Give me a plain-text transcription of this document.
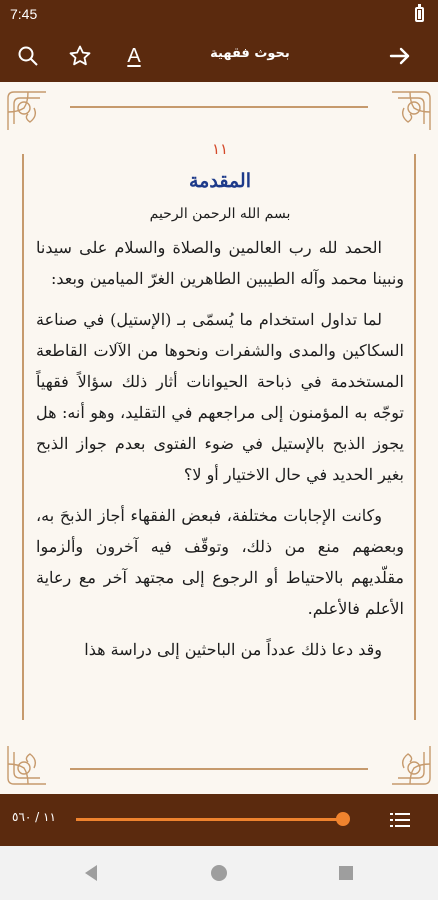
7:45
A	بحوث فقهية
١١
المقدمة
بسم الله الرحمن الرحيم

الحمد لله رب العالمين والصلاة والسلام على سيدنا ونبينا محمد وآله الطيبين الطاهرين الغرّ الميامين وبعد:

لما تداول استخدام ما يُسمّى بـ (الإستيل) في صناعة السكاكين والمدى والشفرات ونحوها من الآلات القاطعة المستخدمة في ذباحة الحيوانات أثار ذلك سؤالاً فقهياً توجّه به المؤمنون إلى مراجعهم في التقليد، وهو أنه: هل يجوز الذبح بالإستيل في ضوء الفتوى بعدم جواز الذبح بغير الحديد في حال الاختيار أو لا؟

وكانت الإجابات مختلفة، فبعض الفقهاء أجاز الذبحَ به، وبعضهم منع من ذلك، وتوقّف فيه آخرون وألزموا مقلّديهم بالاحتياط أو الرجوع إلى مجتهد آخر مع رعاية الأعلم فالأعلم.

وقد دعا ذلك عدداً من الباحثين إلى دراسة هذا

١١ / ٥٦٠
